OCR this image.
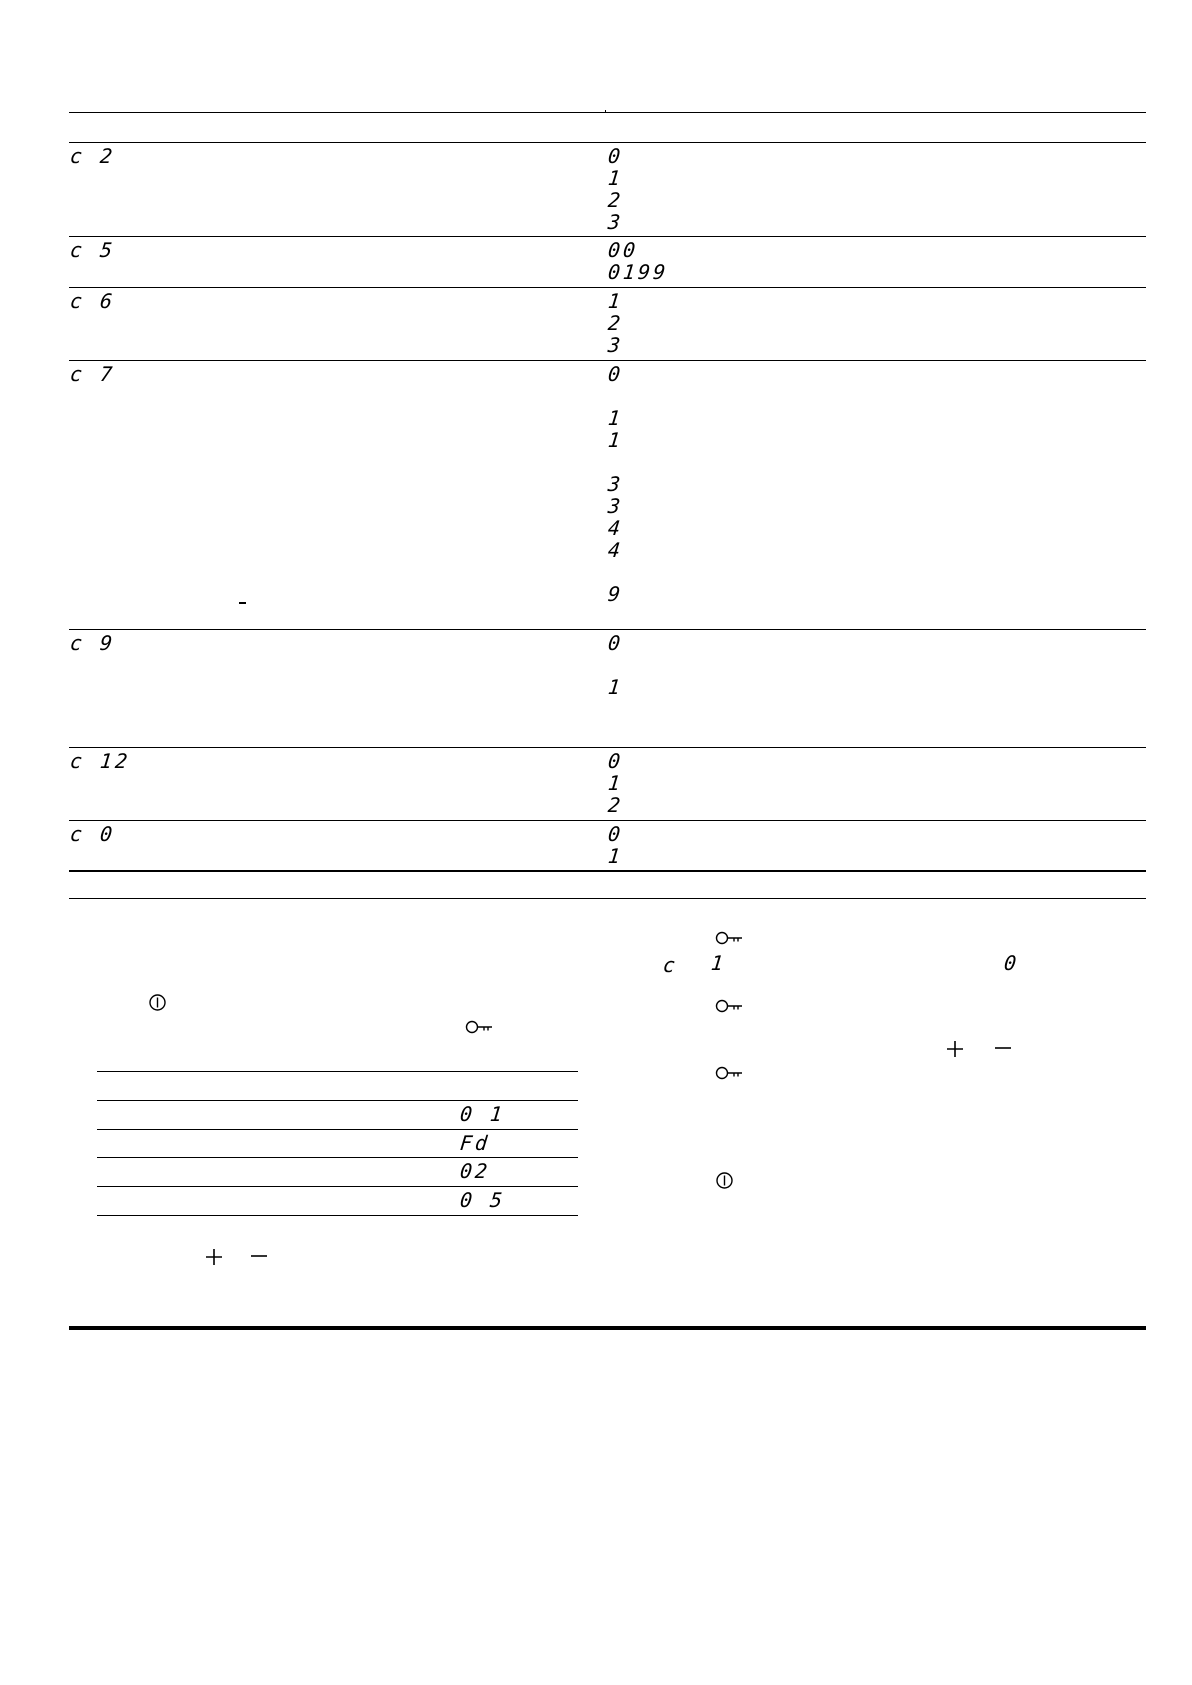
c 2
c 5
c 6
c 7
c 9
c 12
c 0
0
1
2
3
00
0199
1
2
3
0
1
1
3
3
4
4
9
0
1
0
1
2
0
1
0 1
Fd
02
0 5
c 1	0
